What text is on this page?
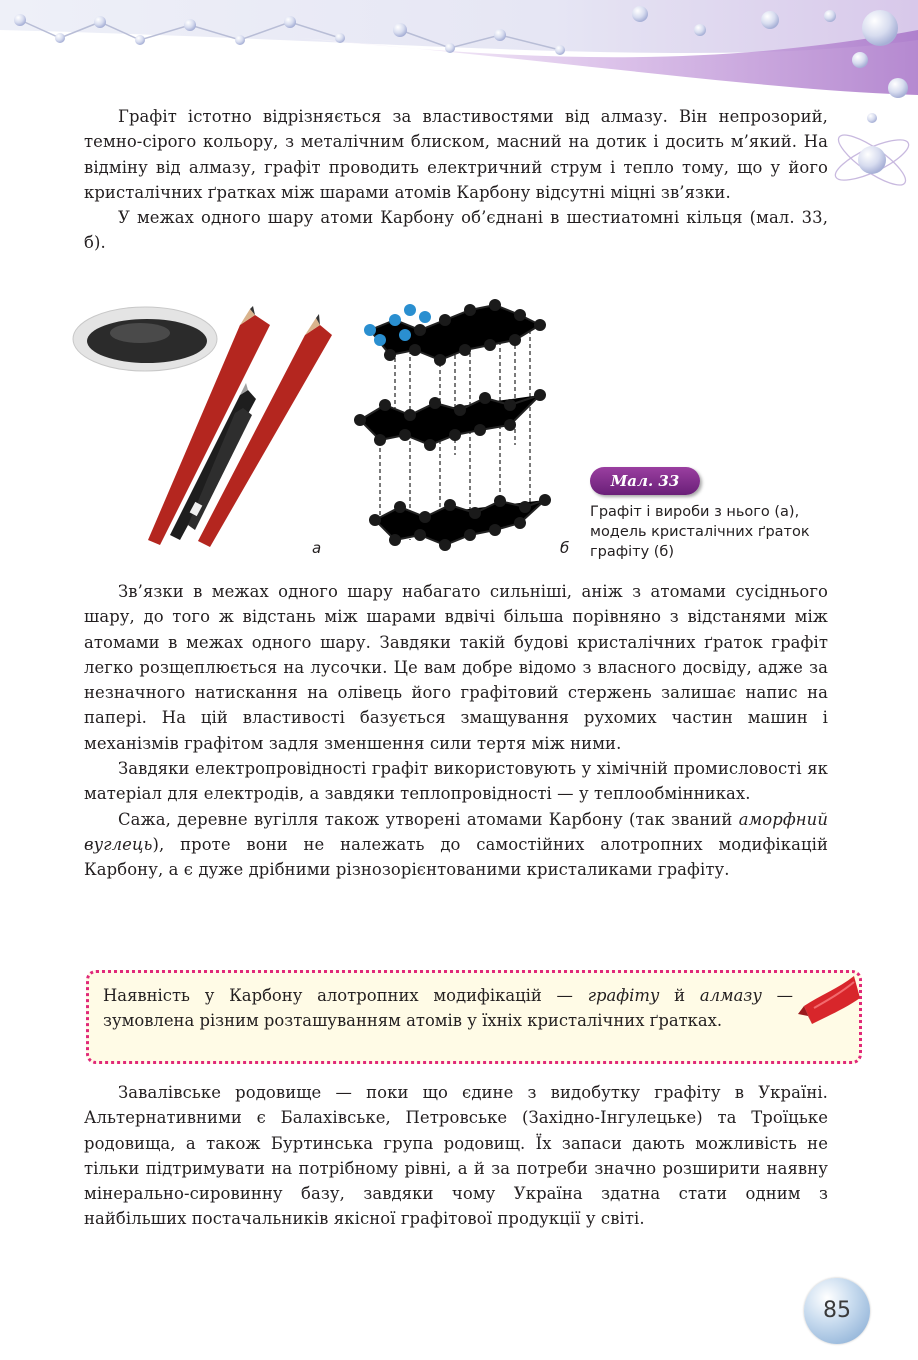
Графіт істотно відрізняється за властивостями від алмазу. Він непрозорий, темно-сірого кольору, з металічним блиском, масний на дотик і досить м’який. На відміну від алмазу, графіт проводить електричний струм і тепло тому, що у його кристалічних ґратках між шарами атомів Карбону відсутні міцні зв’язки.

У межах одного шару атоми Карбону об’єднані в шестиатомні кільця (мал. 33, б).

а	б
Мал. 33
Графіт і вироби з нього (а), модель кристалічних ґраток графіту (б)

Зв’язки в межах одного шару набагато сильніші, аніж з атомами сусіднього шару, до того ж відстань між шарами вдвічі більша порівняно з відстанями між атомами в межах одного шару. Завдяки такій будові кристалічних ґраток графіт легко розщеплюється на лусочки. Це вам добре відомо з власного досвіду, адже за незначного натискання на олівець його графітовий стержень залишає напис на папері. На цій властивості базується змащування рухомих частин машин і механізмів графітом задля зменшення сили тертя між ними.

Завдяки електропровідності графіт використовують у хімічній промисловості як матеріал для електродів, а завдяки теплопровідності — у теплообмінниках.

Сажа, деревне вугілля також утворені атомами Карбону (так званий аморфний вуглець), проте вони не належать до самостійних алотропних модифікацій Карбону, а є дуже дрібними різнозорієнтованими кристаликами графіту.

Наявність у Карбону алотропних модифікацій — графіту й алмазу — зумовлена різним розташуванням атомів у їхніх кристалічних ґратках.

Завалівське родовище — поки що єдине з видобутку графіту в Україні. Альтернативними є Балахівське, Петровське (Західно-Інгулецьке) та Троїцьке родовища, а також Буртинська група родовищ. Їх запаси дають можливість не тільки підтримувати на потрібному рівні, а й за потреби значно розширити наявну мінерально-сировинну базу, завдяки чому Україна здатна стати одним з найбільших постачальників якісної графітової продукції у світі.

85
